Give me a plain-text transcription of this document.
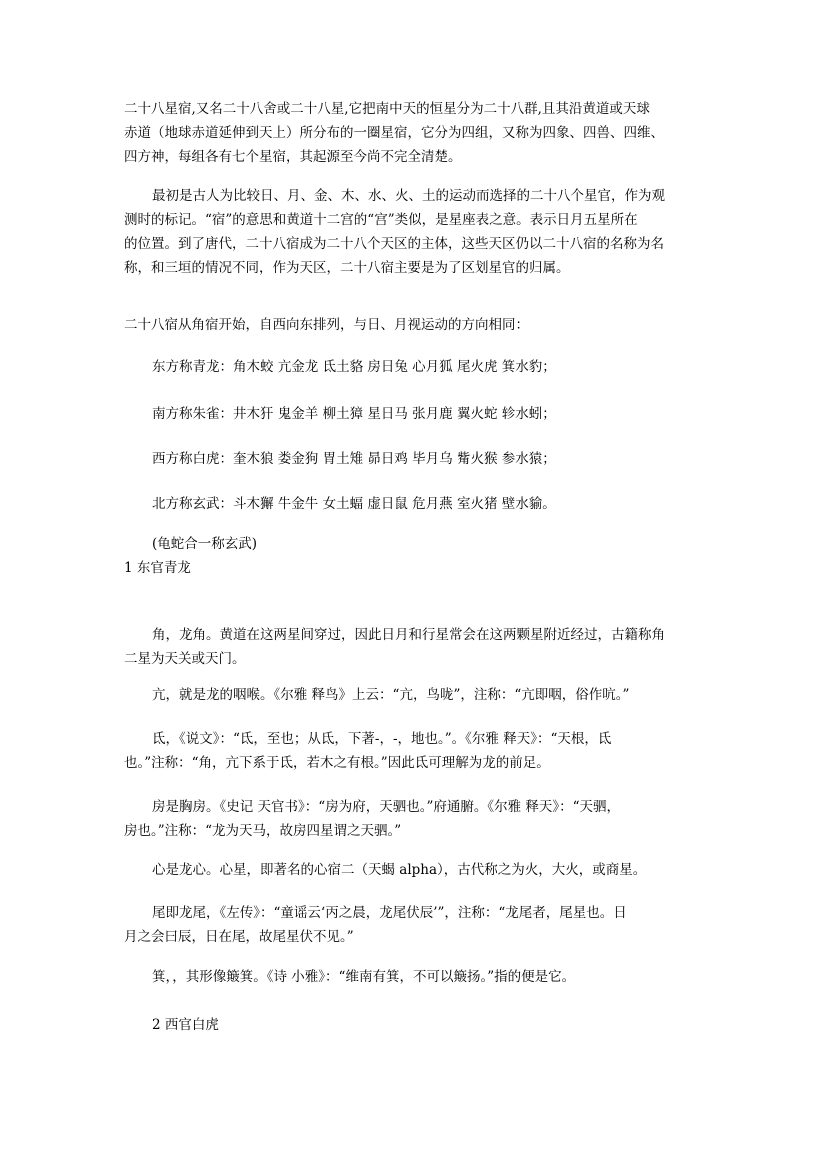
二十八星宿,又名二十八舍或二十八星,它把南中天的恒星分为二十八群,且其沿黄道或天球
赤道（地球赤道延伸到天上）所分布的一圈星宿，它分为四组，又称为四象、四兽、四维、
四方神，每组各有七个星宿，其起源至今尚不完全清楚。
最初是古人为比较日、月、金、木、水、火、土的运动而选择的二十八个星官，作为观
测时的标记。“宿”的意思和黄道十二宫的“宫”类似，是星座表之意。表示日月五星所在
的位置。到了唐代，二十八宿成为二十八个天区的主体，这些天区仍以二十八宿的名称为名
称，和三垣的情况不同，作为天区，二十八宿主要是为了区划星官的归属。
二十八宿从角宿开始，自西向东排列，与日、月视运动的方向相同：
东方称青龙：角木蛟 亢金龙 氐土貉 房日兔 心月狐 尾火虎 箕水豹；
南方称朱雀：井木犴 鬼金羊 柳土獐 星日马 张月鹿 翼火蛇 轸水蚓；
西方称白虎：奎木狼 娄金狗 胃土雉 昴日鸡 毕月乌 觜火猴 参水猿；
北方称玄武：斗木獬 牛金牛 女土蝠 虚日鼠 危月燕 室火猪 壁水貐。
(龟蛇合一称玄武)
1 东官青龙
角，龙角。黄道在这两星间穿过，因此日月和行星常会在这两颗星附近经过，古籍称角
二星为天关或天门。
亢，就是龙的咽喉。《尔雅 释鸟》上云：“亢，鸟咙”，注称：“亢即咽，俗作吭。”
氐，《说文》：“氐，至也；从氐，下著-，-，地也。”。《尔雅 释天》：“天根，氐
也。”注称：“角，亢下系于氐，若木之有根。”因此氐可理解为龙的前足。
房是胸房。《史记 天官书》：“房为府，天驷也。”府通腑。《尔雅 释天》：“天驷，
房也。”注称：“龙为天马，故房四星谓之天驷。”
心是龙心。心星，即著名的心宿二（天蝎 alpha），古代称之为火，大火，或商星。
尾即龙尾，《左传》：“童谣云‘丙之晨，龙尾伏辰’”，注称：“龙尾者，尾星也。日
月之会曰辰，日在尾，故尾星伏不见。”
箕，，其形像簸箕。《诗 小雅》：“维南有箕，不可以簸扬。”指的便是它。
2 西官白虎
